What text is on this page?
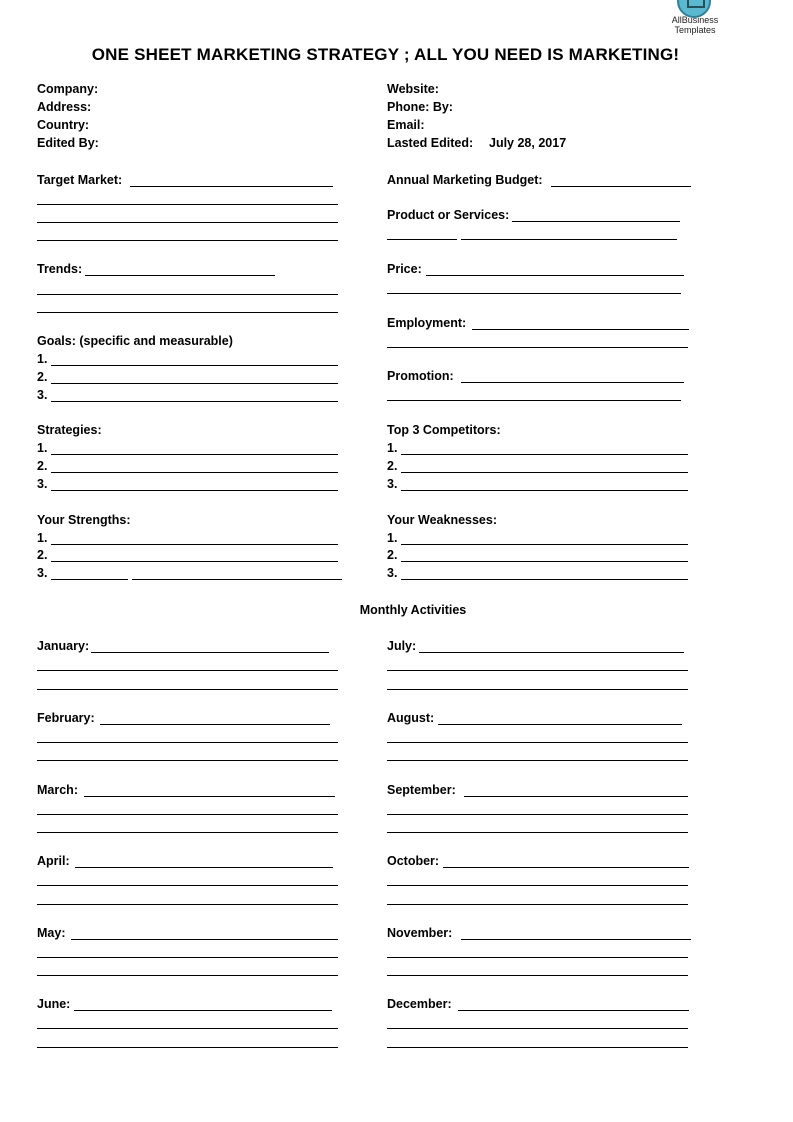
AllBusiness
Templates
ONE SHEET MARKETING STRATEGY ; ALL YOU NEED IS MARKETING!
Company:
Address:
Country:
Edited By:
Website:
Phone: By:
Email:
Lasted Edited: July 28, 2017
Target Market:
Trends:
Goals: (specific and measurable)
1.
2.
3.
Strategies:
1.
2.
3.
Your Strengths:
1.
2.
3.
Annual Marketing Budget:
Product or Services:
Price:
Employment:
Promotion:
Top 3 Competitors:
1.
2.
3.
Your Weaknesses:
1.
2.
3.
Monthly Activities
January:
February:
March:
April:
May:
June:
July:
August:
September:
October:
November:
December:
